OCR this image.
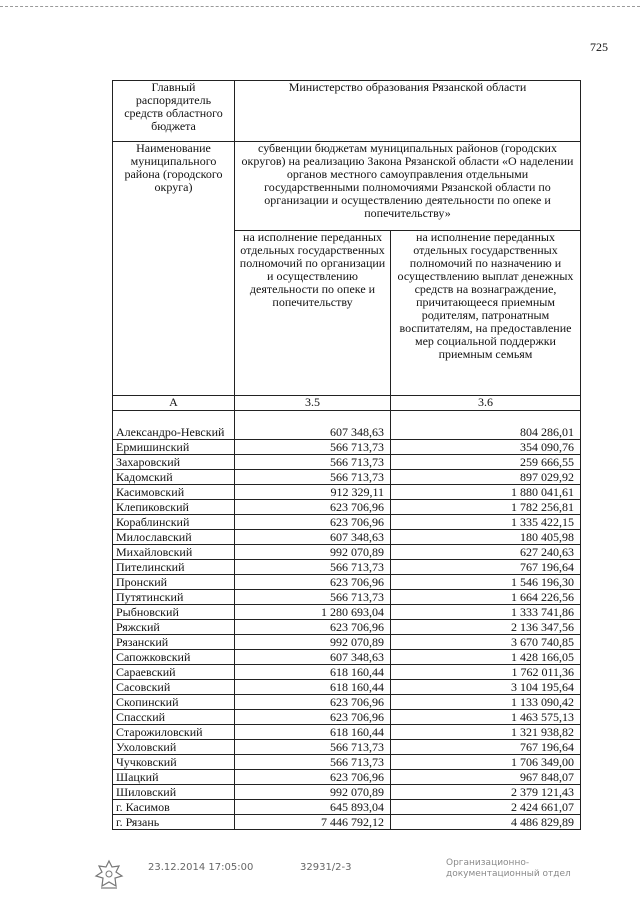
725
Главный распорядитель средств областного бюджета	Министерство образования Рязанской области	
Наименование муниципального района (городского округа)	субвенции бюджетам муниципальных районов (городских округов) на реализацию Закона Рязанской области «О наделении органов местного самоуправления отдельными государственными полномочиями Рязанской области по организации и осуществлению деятельности по опеке и попечительству»	
	на исполнение переданных отдельных государственных полномочий по организации и осуществлению деятельности по опеке и попечительству	на исполнение переданных отдельных государственных полномочий по назначению и осуществлению выплат денежных средств на вознаграждение, причитающееся приемным родителям, патронатным воспитателям, на предоставление мер социальной поддержки приемным семьям
А	3.5	3.6
Александро-Невский	607 348,63	804 286,01
Ермишинский	566 713,73	354 090,76
Захаровский	566 713,73	259 666,55
Кадомский	566 713,73	897 029,92
Касимовский	912 329,11	1 880 041,61
Клепиковский	623 706,96	1 782 256,81
Кораблинский	623 706,96	1 335 422,15
Милославский	607 348,63	180 405,98
Михайловский	992 070,89	627 240,63
Пителинский	566 713,73	767 196,64
Пронский	623 706,96	1 546 196,30
Путятинский	566 713,73	1 664 226,56
Рыбновский	1 280 693,04	1 333 741,86
Ряжский	623 706,96	2 136 347,56
Рязанский	992 070,89	3 670 740,85
Сапожковский	607 348,63	1 428 166,05
Сараевский	618 160,44	1 762 011,36
Сасовский	618 160,44	3 104 195,64
Скопинский	623 706,96	1 133 090,42
Спасский	623 706,96	1 463 575,13
Старожиловский	618 160,44	1 321 938,82
Ухоловский	566 713,73	767 196,64
Чучковский	566 713,73	1 706 349,00
Шацкий	623 706,96	967 848,07
Шиловский	992 070,89	2 379 121,43
г. Касимов	645 893,04	2 424 661,07
г. Рязань	7 446 792,12	4 486 829,89
23.12.2014 17:05:00	32931/2-3	Организационно-
документационный отдел
